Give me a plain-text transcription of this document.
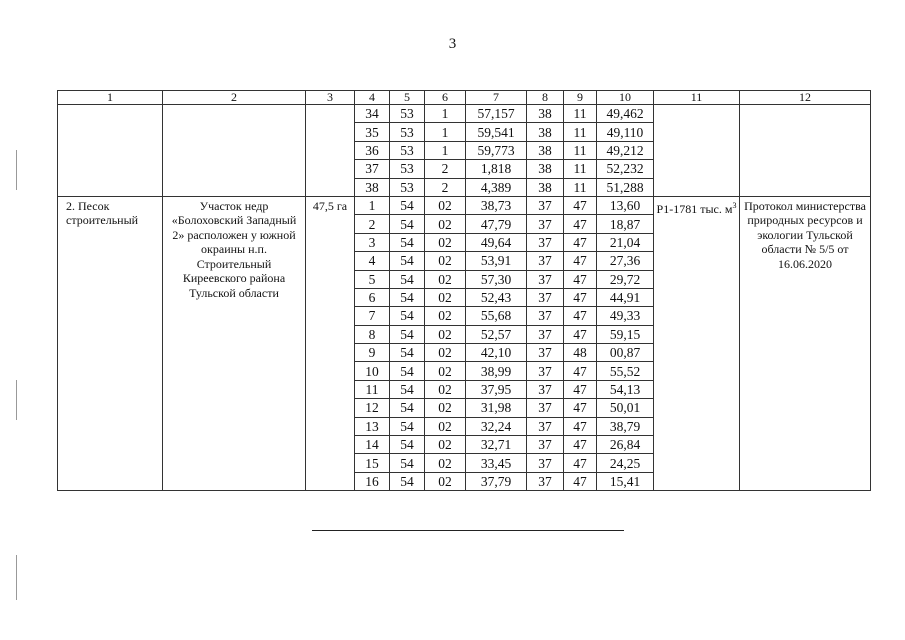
3
1	2	3	4	5	6	7	8	9	10	11	12
			34	53	1	57,157	38	11	49,462		
			35	53	1	59,541	38	11	49,110		
			36	53	1	59,773	38	11	49,212		
			37	53	2	1,818	38	11	52,232		
			38	53	2	4,389	38	11	51,288		
2. Песок строительный	Участок недр «Болоховский Западный 2» расположен у южной окраины н.п. Строительный Киреевского района Тульской области	47,5 га	1	54	02	38,73	37	47	13,60	Р1-1781 тыс. $м^3$	Протокол министерства природных ресурсов и экологии Тульской области № 5/5 от 16.06.2020
			2	54	02	47,79	37	47	18,87		
			3	54	02	49,64	37	47	21,04		
			4	54	02	53,91	37	47	27,36		
			5	54	02	57,30	37	47	29,72		
			6	54	02	52,43	37	47	44,91		
			7	54	02	55,68	37	47	49,33		
			8	54	02	52,57	37	47	59,15		
			9	54	02	42,10	37	48	00,87		
			10	54	02	38,99	37	47	55,52		
			11	54	02	37,95	37	47	54,13		
			12	54	02	31,98	37	47	50,01		
			13	54	02	32,24	37	47	38,79		
			14	54	02	32,71	37	47	26,84		
			15	54	02	33,45	37	47	24,25		
			16	54	02	37,79	37	47	15,41		
